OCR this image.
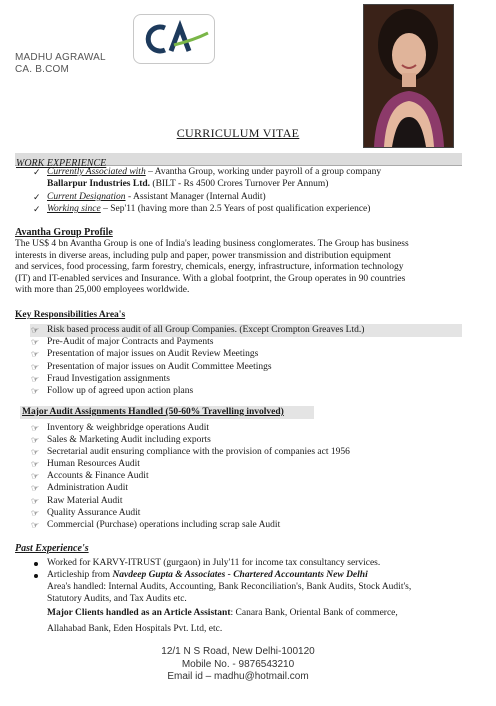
MADHU AGRAWAL
CA. B.COM
CURRICULUM VITAE
WORK EXPERIENCE
✓ Currently Associated with – Avantha Group, working under payroll of a group company
Ballarpur Industries Ltd. (BILT - Rs 4500 Crores Turnover Per Annum)
✓ Current Designation - Assistant Manager (Internal Audit)
✓ Working since – Sep'11 (having more than 2.5 Years of post qualification experience)
Avantha Group Profile
The US$ 4 bn Avantha Group is one of India's leading business conglomerates. The Group has business
interests in diverse areas, including pulp and paper, power transmission and distribution equipment
and services, food processing, farm forestry, chemicals, energy, infrastructure, information technology
(IT) and IT-enabled services and Insurance. With a global footprint, the Group operates in 90 countries
with more than 25,000 employees worldwide.
Key Responsibilities Area's
☞ Risk based process audit of all Group Companies. (Except Crompton Greaves Ltd.)
☞ Pre-Audit of major Contracts and Payments
☞ Presentation of major issues on Audit Review Meetings
☞ Presentation of major issues on Audit Committee Meetings
☞ Fraud Investigation assignments
☞ Follow up of agreed upon action plans
Major Audit Assignments Handled (50-60% Travelling involved)
☞ Inventory & weighbridge operations Audit
☞ Sales & Marketing Audit including exports
☞ Secretarial audit ensuring compliance with the provision of companies act 1956
☞ Human Resources Audit
☞ Accounts & Finance Audit
☞ Administration Audit
☞ Raw Material Audit
☞ Quality Assurance Audit
☞ Commercial (Purchase) operations including scrap sale Audit
Past Experience's
Worked for KARVY-ITRUST (gurgaon) in July'11 for income tax consultancy services.
Articleship from Navdeep Gupta & Associates - Chartered Accountants New Delhi
Area's handled: Internal Audits, Accounting, Bank Reconciliation's, Bank Audits, Stock Audit's,
Statutory Audits, and Tax Audits etc.
Major Clients handled as an Article Assistant: Canara Bank, Oriental Bank of commerce,
Allahabad Bank, Eden Hospitals Pvt. Ltd, etc.
12/1 N S Road, New Delhi-100120
Mobile No. - 9876543210
Email id – madhu@hotmail.com
